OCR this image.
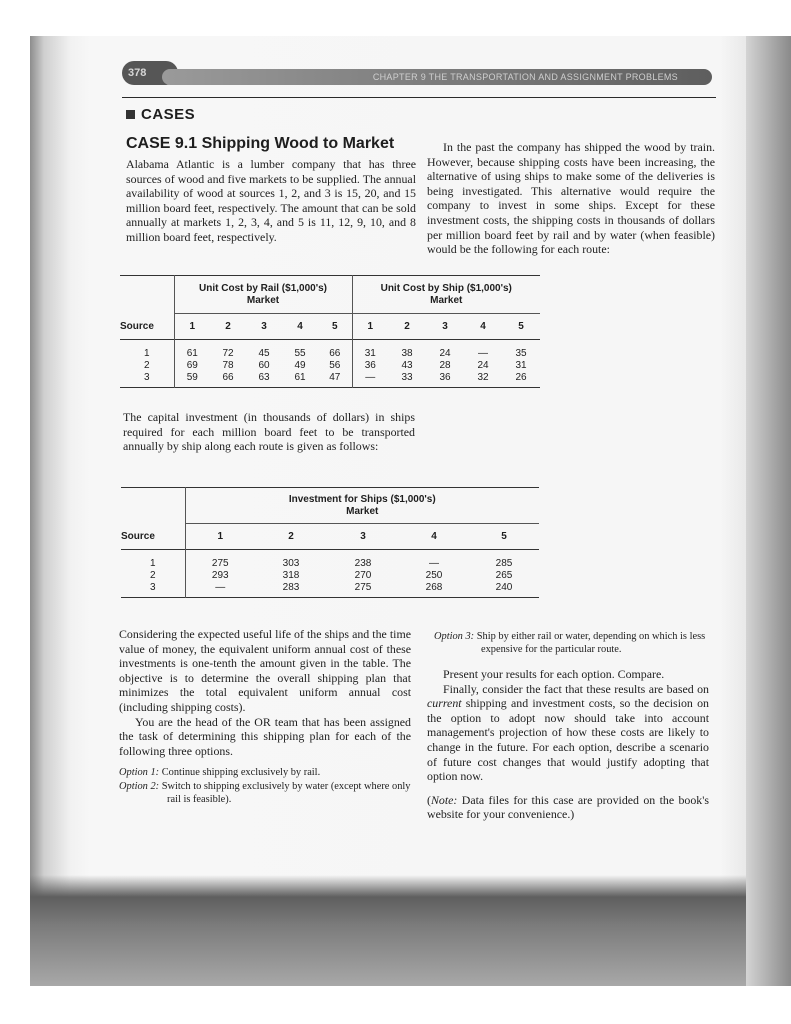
378	CHAPTER 9 THE TRANSPORTATION AND ASSIGNMENT PROBLEMS
CASES
CASE 9.1 Shipping Wood to Market

Alabama Atlantic is a lumber company that has three sources of wood and five markets to be supplied. The annual availability of wood at sources 1, 2, and 3 is 15, 20, and 15 million board feet, respectively. The amount that can be sold annually at markets 1, 2, 3, 4, and 5 is 11, 12, 9, 10, and 8 million board feet, respectively.

In the past the company has shipped the wood by train. However, because shipping costs have been increasing, the alternative of using ships to make some of the deliveries is being investigated. This alternative would require the company to invest in some ships. Except for these investment costs, the shipping costs in thousands of dollars per million board feet by rail and by water (when feasible) would be the following for each route:

	Unit Cost by Rail ($1,000's)
Market					Unit Cost by Ship ($1,000's)
Market				
Source	1	2	3	4	5	1	2	3	4	5

1	61	72	45	55	66	31	38	24	—	35
2	69	78	60	49	56	36	43	28	24	31
3	59	66	63	61	47	—	33	36	32	26

The capital investment (in thousands of dollars) in ships required for each million board feet to be transported annually by ship along each route is given as follows:

	Investment for Ships ($1,000's)
Market				
Source	1	2	3	4	5

1	275	303	238	—	285
2	293	318	270	250	265
3	—	283	275	268	240

Considering the expected useful life of the ships and the time value of money, the equivalent uniform annual cost of these investments is one-tenth the amount given in the table. The objective is to determine the overall shipping plan that minimizes the total equivalent uniform annual cost (including shipping costs).

You are the head of the OR team that has been assigned the task of determining this shipping plan for each of the following three options.

Option 1: Continue shipping exclusively by rail.
Option 2: Switch to shipping exclusively by water (except where only rail is feasible).
Option 3: Ship by either rail or water, depending on which is less expensive for the particular route.

Present your results for each option. Compare.

Finally, consider the fact that these results are based on current shipping and investment costs, so the decision on the option to adopt now should take into account management's projection of how these costs are likely to change in the future. For each option, describe a scenario of future cost changes that would justify adopting that option now.

(Note: Data files for this case are provided on the book's website for your convenience.)
